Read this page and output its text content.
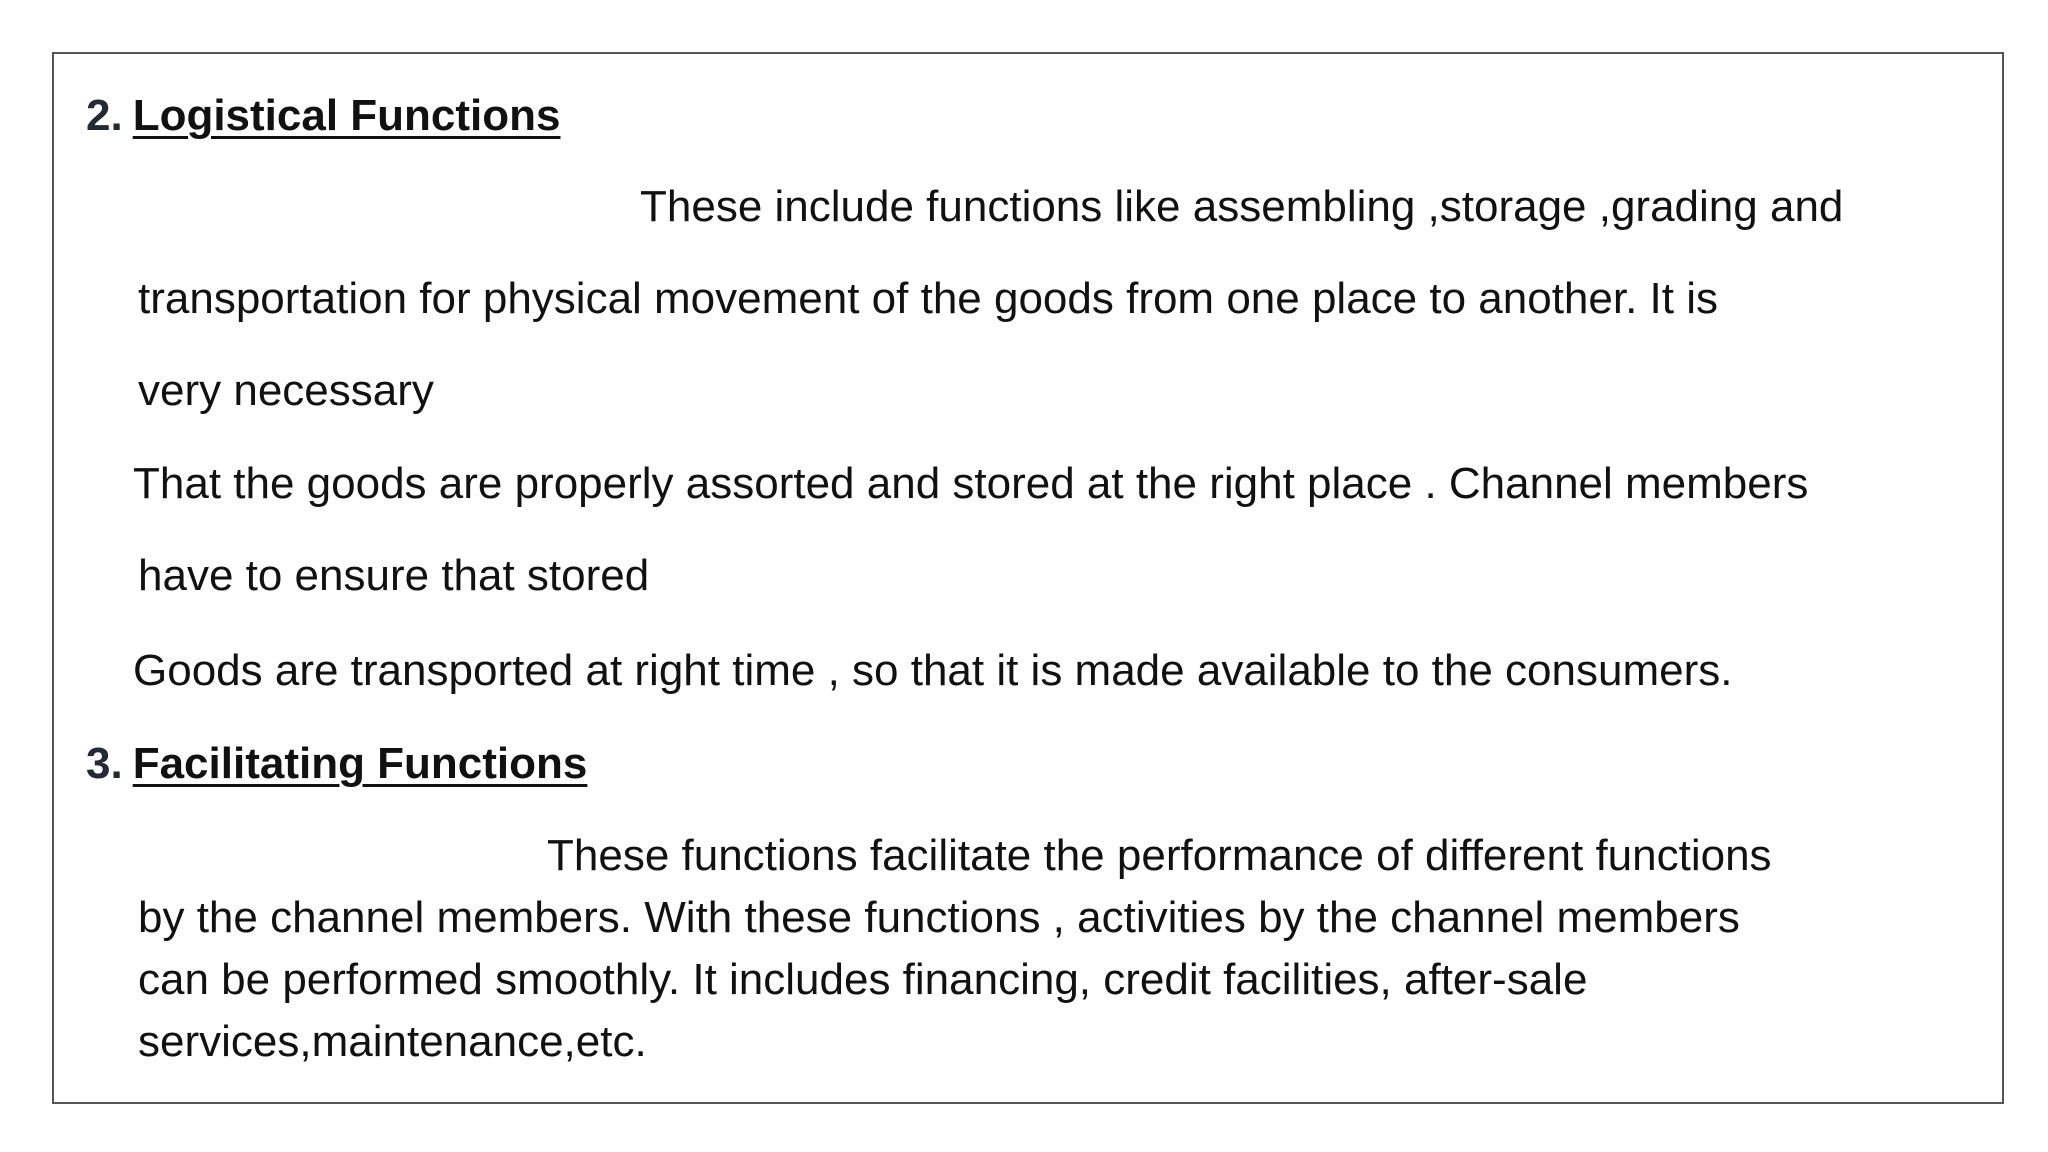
2. Logistical Functions

These include functions like assembling ,storage ,grading and

transportation for physical movement of the goods from one place to another. It is

very necessary

That the goods are properly assorted and stored at the right place . Channel members

have to ensure that stored

Goods are transported at right time , so that it is made available to the consumers.

3. Facilitating Functions

These functions facilitate the performance of different functions

by the channel members. With these functions , activities by the channel members

can be performed smoothly. It includes financing, credit facilities, after-sale

services,maintenance,etc.
